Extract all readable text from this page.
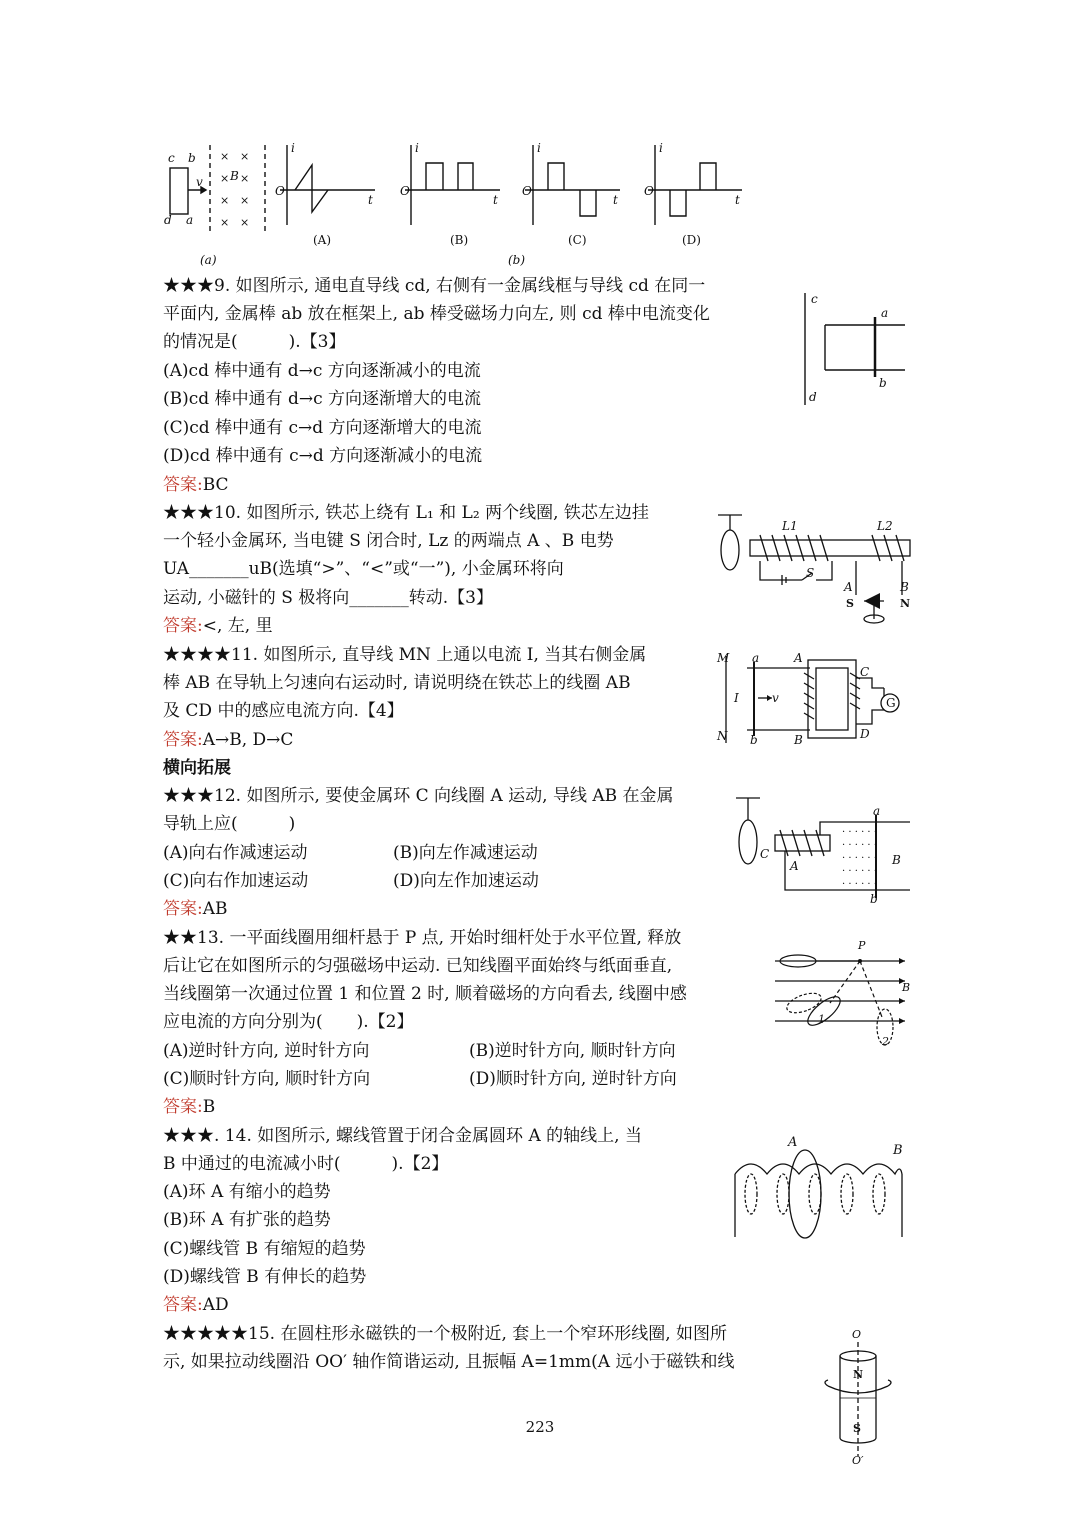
× ×
× ×
× ×
× ×
c b
d a
v B
i
O
t
i
O
t
i
O
t
i
O
t
(A)	(B)	(C)	(D)
(a)	(b)
★★★9. 如图所示, 通电直导线 cd, 右侧有一金属线框与导线 cd 在同一
平面内, 金属棒 ab 放在框架上, ab 棒受磁场力向左, 则 cd 棒中电流变化
的情况是(　　　).【3】
(A)cd 棒中通有 d→c 方向逐渐减小的电流
(B)cd 棒中通有 d→c 方向逐渐增大的电流
(C)cd 棒中通有 c→d 方向逐渐增大的电流
(D)cd 棒中通有 c→d 方向逐渐减小的电流
答案:BC
c
a
b
d
★★★10. 如图所示, 铁芯上绕有 L₁ 和 L₂ 两个线圈, 铁芯左边挂
一个轻小金属环, 当电键 S 闭合时, Lz 的两端点 A 、B 电势
UA_______uB(选填“>”、“<”或“一”), 小金属环将向
运动, 小磁针的 S 极将向_______转动.【3】
答案:<, 左, 里
L1	L2
S
A	B
S	N
★★★★11. 如图所示, 直导线 MN 上通以电流 I, 当其右侧金属
棒 AB 在导轨上匀速向右运动时, 请说明绕在铁芯上的线圈 AB
及 CD 中的感应电流方向.【4】
答案:A→B, D→C
M a	A
C
I	v	G
N b	B	D
横向拓展
★★★12. 如图所示, 要使金属环 C 向线圈 A 运动, 导线 AB 在金属
导轨上应(　　　)
(A)向右作减速运动	(B)向左作减速运动
(C)向右作加速运动	(D)向左作加速运动
答案:AB
· · · · · ·
· · · · · ·
· · · · · ·
· · · · · ·
· · · · · ·
a
C
A	B
b
★★13. 一平面线圈用细杆悬于 P 点, 开始时细杆处于水平位置, 释放
后让它在如图所示的匀强磁场中运动. 已知线圈平面始终与纸面垂直,
当线圈第一次通过位置 1 和位置 2 时, 顺着磁场的方向看去, 线圈中感
应电流的方向分别为(　　).【2】
(A)逆时针方向, 逆时针方向	(B)逆时针方向, 顺时针方向
(C)顺时针方向, 顺时针方向	(D)顺时针方向, 逆时针方向
答案:B
P
B
1
2
★★★. 14. 如图所示, 螺线管置于闭合金属圆环 A 的轴线上, 当
B 中通过的电流减小时(　　　).【2】
(A)环 A 有缩小的趋势
(B)环 A 有扩张的趋势
(C)螺线管 B 有缩短的趋势
(D)螺线管 B 有伸长的趋势
答案:AD
A
B
★★★★★15. 在圆柱形永磁铁的一个极附近, 套上一个窄环形线圈, 如图所
示, 如果拉动线圈沿 OO′ 轴作简谐运动, 且振幅 A=1mm(A 远小于磁铁和线
O
N
S
O′
223
